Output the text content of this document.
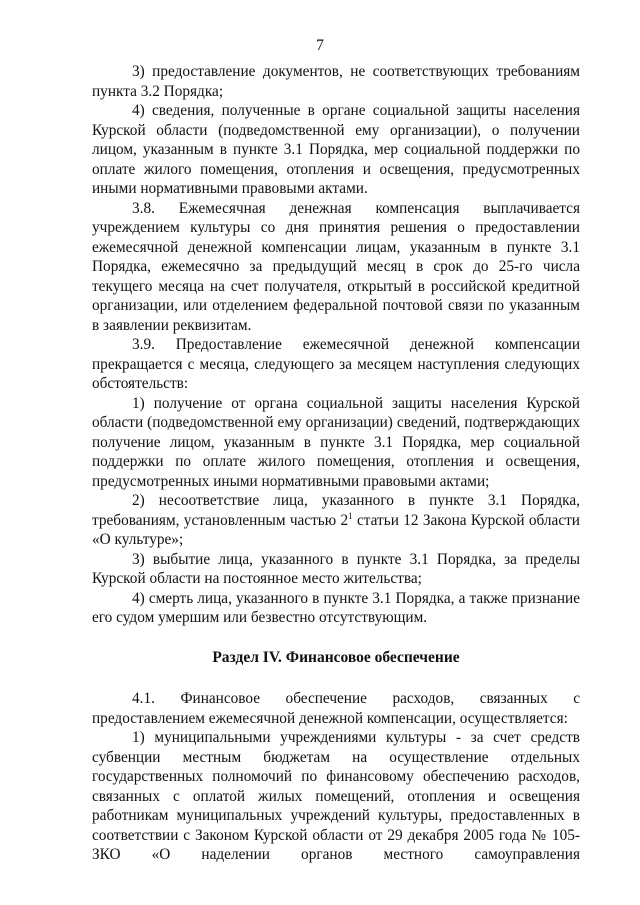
7

3) предоставление документов, не соответствующих требованиям пункта 3.2 Порядка;

4) сведения, полученные в органе социальной защиты населения Курской области (подведомственной ему организации), о получении лицом, указанным в пункте 3.1 Порядка, мер социальной поддержки по оплате жилого помещения, отопления и освещения, предусмотренных иными нормативными правовыми актами.

3.8. Ежемесячная денежная компенсация выплачивается учреждением культуры со дня принятия решения о предоставлении ежемесячной денежной компенсации лицам, указанным в пункте 3.1 Порядка, ежемесячно за предыдущий месяц в срок до 25-го числа текущего месяца на счет получателя, открытый в российской кредитной организации, или отделением федеральной почтовой связи по указанным в заявлении реквизитам.

3.9. Предоставление ежемесячной денежной компенсации прекращается с месяца, следующего за месяцем наступления следующих обстоятельств:

1) получение от органа социальной защиты населения Курской области (подведомственной ему организации) сведений, подтверждающих получение лицом, указанным в пункте 3.1 Порядка, мер социальной поддержки по оплате жилого помещения, отопления и освещения, предусмотренных иными нормативными правовыми актами;

2) несоответствие лица, указанного в пункте 3.1 Порядка, требованиям, установленным частью $2^1$ статьи 12 Закона Курской области «О культуре»;

3) выбытие лица, указанного в пункте 3.1 Порядка, за пределы Курской области на постоянное место жительства;

4) смерть лица, указанного в пункте 3.1 Порядка, а также признание его судом умершим или безвестно отсутствующим.

Раздел IV. Финансовое обеспечение

4.1. Финансовое обеспечение расходов, связанных с предоставлением ежемесячной денежной компенсации, осуществляется:

1) муниципальными учреждениями культуры - за счет средств субвенции местным бюджетам на осуществление отдельных государственных полномочий по финансовому обеспечению расходов, связанных с оплатой жилых помещений, отопления и освещения работникам муниципальных учреждений культуры, предоставленных в соответствии с Законом Курской области от 29 декабря 2005 года № 105-ЗКО «О наделении органов местного самоуправления
